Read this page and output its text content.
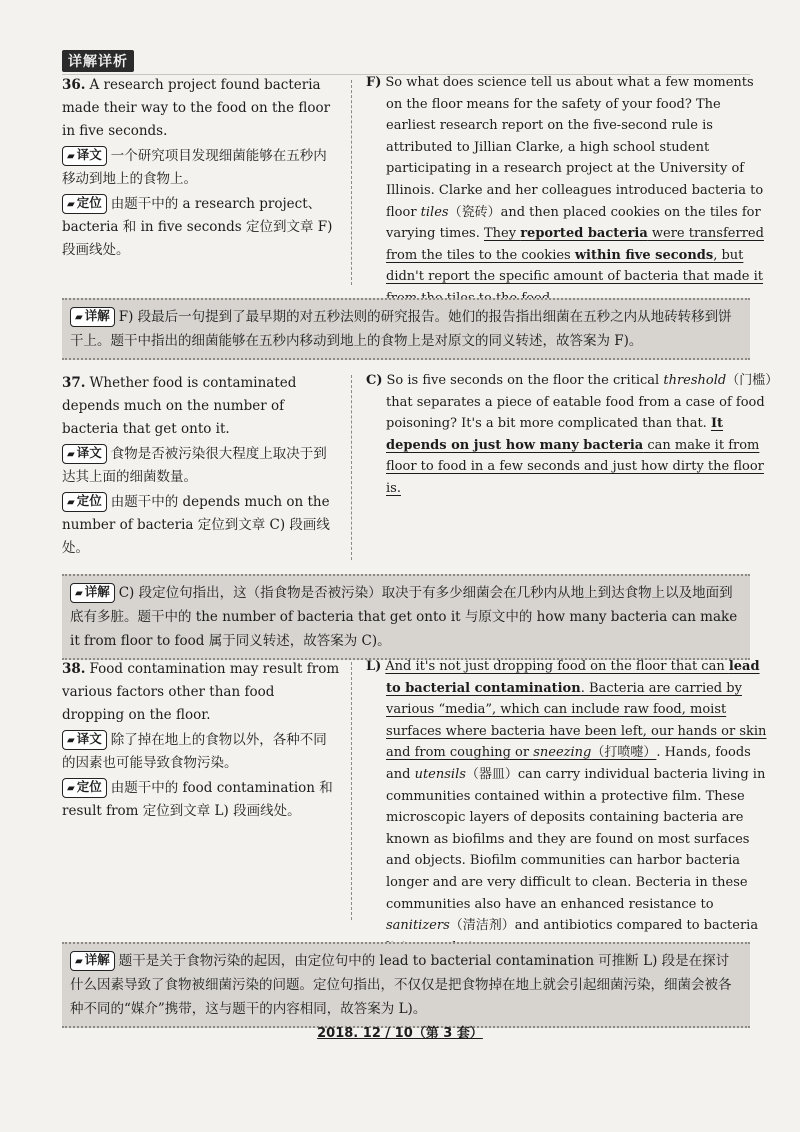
详解详析

36. A research project found bacteria made their way to the food on the floor in five seconds.

▰ 译文 一个研究项目发现细菌能够在五秒内移动到地上的食物上。

▰ 定位 由题干中的 a research project、bacteria 和 in five seconds 定位到文章 F) 段画线处。

F) So what does science tell us about what a few moments on the floor means for the safety of your food? The earliest research report on the five-second rule is attributed to Jillian Clarke, a high school student participating in a research project at the University of Illinois. Clarke and her colleagues introduced bacteria to floor tiles（瓷砖）and then placed cookies on the tiles for varying times. They reported bacteria were transferred from the tiles to the cookies within five seconds, but didn't report the specific amount of bacteria that made it
▰ 详解 F) 段最后一句提到了最早期的对五秒法则的研究报告。她们的报告指出细菌在五秒之内从地砖转移到饼干上。题干中指出的细菌能够在五秒内移动到地上的食物上是对原文的同义转述，故答案为 F)。

37. Whether food is contaminated depends much on the number of bacteria that get onto it.

▰ 译文 食物是否被污染很大程度上取决于到达其上面的细菌数量。

▰ 定位 由题干中的 depends much on the number of bacteria 定位到文章 C) 段画线处。

C) So is five seconds on the floor the critical threshold（门槛）that separates a piece of eatable food from a case of food poisoning? It's a bit more complicated than that. It depends on just how many bacteria can make it from floor to food in a few seconds and just how dirty the floor is.
▰ 详解 C) 段定位句指出，这（指食物是否被污染）取决于有多少细菌会在几秒内从地上到达食物上以及地面到底有多脏。题干中的 the number of bacteria that get onto it 与原文中的 how many bacteria can make it from floor to food 属于同义转述，故答案为 C)。

38. Food contamination may result from various factors other than food dropping on the floor.

▰ 译文 除了掉在地上的食物以外，各种不同的因素也可能导致食物污染。

▰ 定位 由题干中的 food contamination 和 result from 定位到文章 L) 段画线处。

L) And it's not just dropping food on the floor that can lead to bacterial contamination. Bacteria are carried by various “media”, which can include raw food, moist surfaces where bacteria have been left, our hands or skin and from coughing or sneezing（打喷嚏）. Hands, foods and utensils（器皿）can carry individual bacteria living in communities contained within a protective film. These microscopic layers of deposits containing bacteria are known as biofilms and they are found on most surfaces and objects. Biofilm communities can harbor bacteria longer and are very difficult to clean. Becteria in these communities also have an enhanced resistance to sanitizers（清洁剂）and antibiotics compared to bacteria
▰ 详解 题干是关于食物污染的起因，由定位句中的 lead to bacterial contamination 可推断 L) 段是在探讨什么因素导致了食物被细菌污染的问题。定位句指出，不仅仅是把食物掉在地上就会引起细菌污染，细菌会被各种不同的“媒介”携带，这与题干的内容相同，故答案为 L)。
2018. 12 / 10（第 3 套）
